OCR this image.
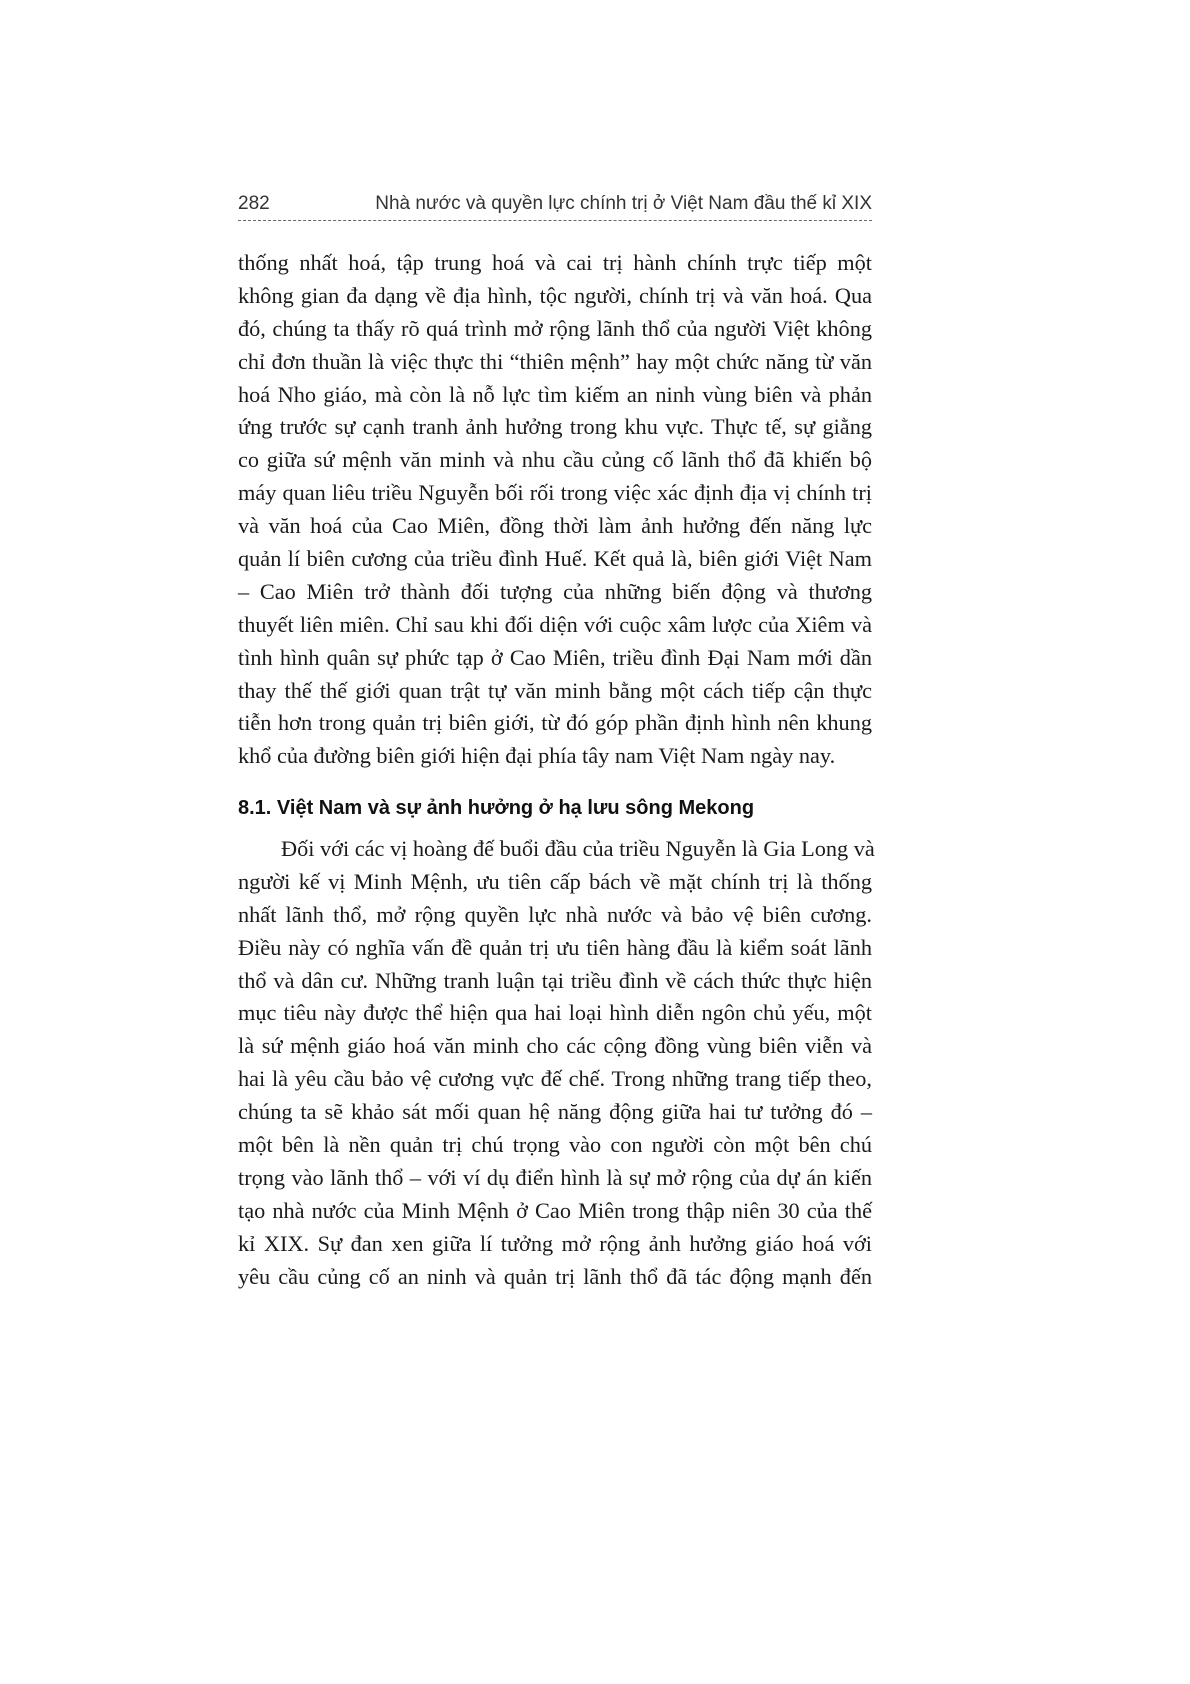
282	Nhà nước và quyền lực chính trị ở Việt Nam đầu thế kỉ XIX
thống nhất hoá, tập trung hoá và cai trị hành chính trực tiếp một
không gian đa dạng về địa hình, tộc người, chính trị và văn hoá. Qua
đó, chúng ta thấy rõ quá trình mở rộng lãnh thổ của người Việt không
chỉ đơn thuần là việc thực thi “thiên mệnh” hay một chức năng từ văn
hoá Nho giáo, mà còn là nỗ lực tìm kiếm an ninh vùng biên và phản
ứng trước sự cạnh tranh ảnh hưởng trong khu vực. Thực tế, sự giằng
co giữa sứ mệnh văn minh và nhu cầu củng cố lãnh thổ đã khiến bộ
máy quan liêu triều Nguyễn bối rối trong việc xác định địa vị chính trị
và văn hoá của Cao Miên, đồng thời làm ảnh hưởng đến năng lực
quản lí biên cương của triều đình Huế. Kết quả là, biên giới Việt Nam
– Cao Miên trở thành đối tượng của những biến động và thương
thuyết liên miên. Chỉ sau khi đối diện với cuộc xâm lược của Xiêm và
tình hình quân sự phức tạp ở Cao Miên, triều đình Đại Nam mới dần
thay thế thế giới quan trật tự văn minh bằng một cách tiếp cận thực
tiễn hơn trong quản trị biên giới, từ đó góp phần định hình nên khung
khổ của đường biên giới hiện đại phía tây nam Việt Nam ngày nay.
8.1. Việt Nam và sự ảnh hưởng ở hạ lưu sông Mekong
Đối với các vị hoàng đế buổi đầu của triều Nguyễn là Gia Long và
người kế vị Minh Mệnh, ưu tiên cấp bách về mặt chính trị là thống
nhất lãnh thổ, mở rộng quyền lực nhà nước và bảo vệ biên cương.
Điều này có nghĩa vấn đề quản trị ưu tiên hàng đầu là kiểm soát lãnh
thổ và dân cư. Những tranh luận tại triều đình về cách thức thực hiện
mục tiêu này được thể hiện qua hai loại hình diễn ngôn chủ yếu, một
là sứ mệnh giáo hoá văn minh cho các cộng đồng vùng biên viễn và
hai là yêu cầu bảo vệ cương vực đế chế. Trong những trang tiếp theo,
chúng ta sẽ khảo sát mối quan hệ năng động giữa hai tư tưởng đó –
một bên là nền quản trị chú trọng vào con người còn một bên chú
trọng vào lãnh thổ – với ví dụ điển hình là sự mở rộng của dự án kiến
tạo nhà nước của Minh Mệnh ở Cao Miên trong thập niên 30 của thế
kỉ XIX. Sự đan xen giữa lí tưởng mở rộng ảnh hưởng giáo hoá với
yêu cầu củng cố an ninh và quản trị lãnh thổ đã tác động mạnh đến
